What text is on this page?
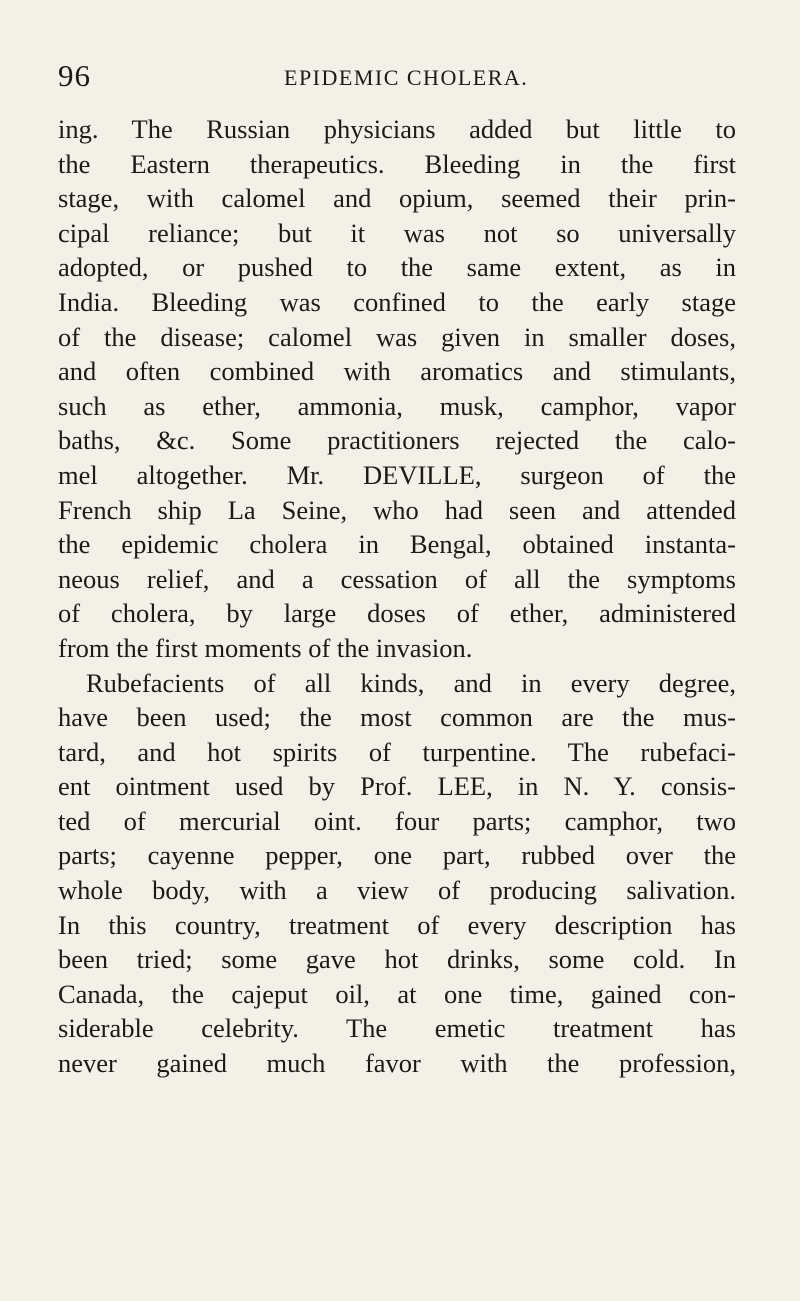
96	EPIDEMIC CHOLERA.
ing. The Russian physicians added but little to
the Eastern therapeutics. Bleeding in the first
stage, with calomel and opium, seemed their prin-
cipal reliance; but it was not so universally
adopted, or pushed to the same extent, as in
India. Bleeding was confined to the early stage
of the disease; calomel was given in smaller doses,
and often combined with aromatics and stimulants,
such as ether, ammonia, musk, camphor, vapor
baths, &c. Some practitioners rejected the calo-
mel altogether. Mr. DEVILLE, surgeon of the
French ship La Seine, who had seen and attended
the epidemic cholera in Bengal, obtained instanta-
neous relief, and a cessation of all the symptoms
of cholera, by large doses of ether, administered
from the first moments of the invasion.
Rubefacients of all kinds, and in every degree,
have been used; the most common are the mus-
tard, and hot spirits of turpentine. The rubefaci-
ent ointment used by Prof. LEE, in N. Y. consis-
ted of mercurial oint. four parts; camphor, two
parts; cayenne pepper, one part, rubbed over the
whole body, with a view of producing salivation.
In this country, treatment of every description has
been tried; some gave hot drinks, some cold. In
Canada, the cajeput oil, at one time, gained con-
siderable celebrity. The emetic treatment has
never gained much favor with the profession,
